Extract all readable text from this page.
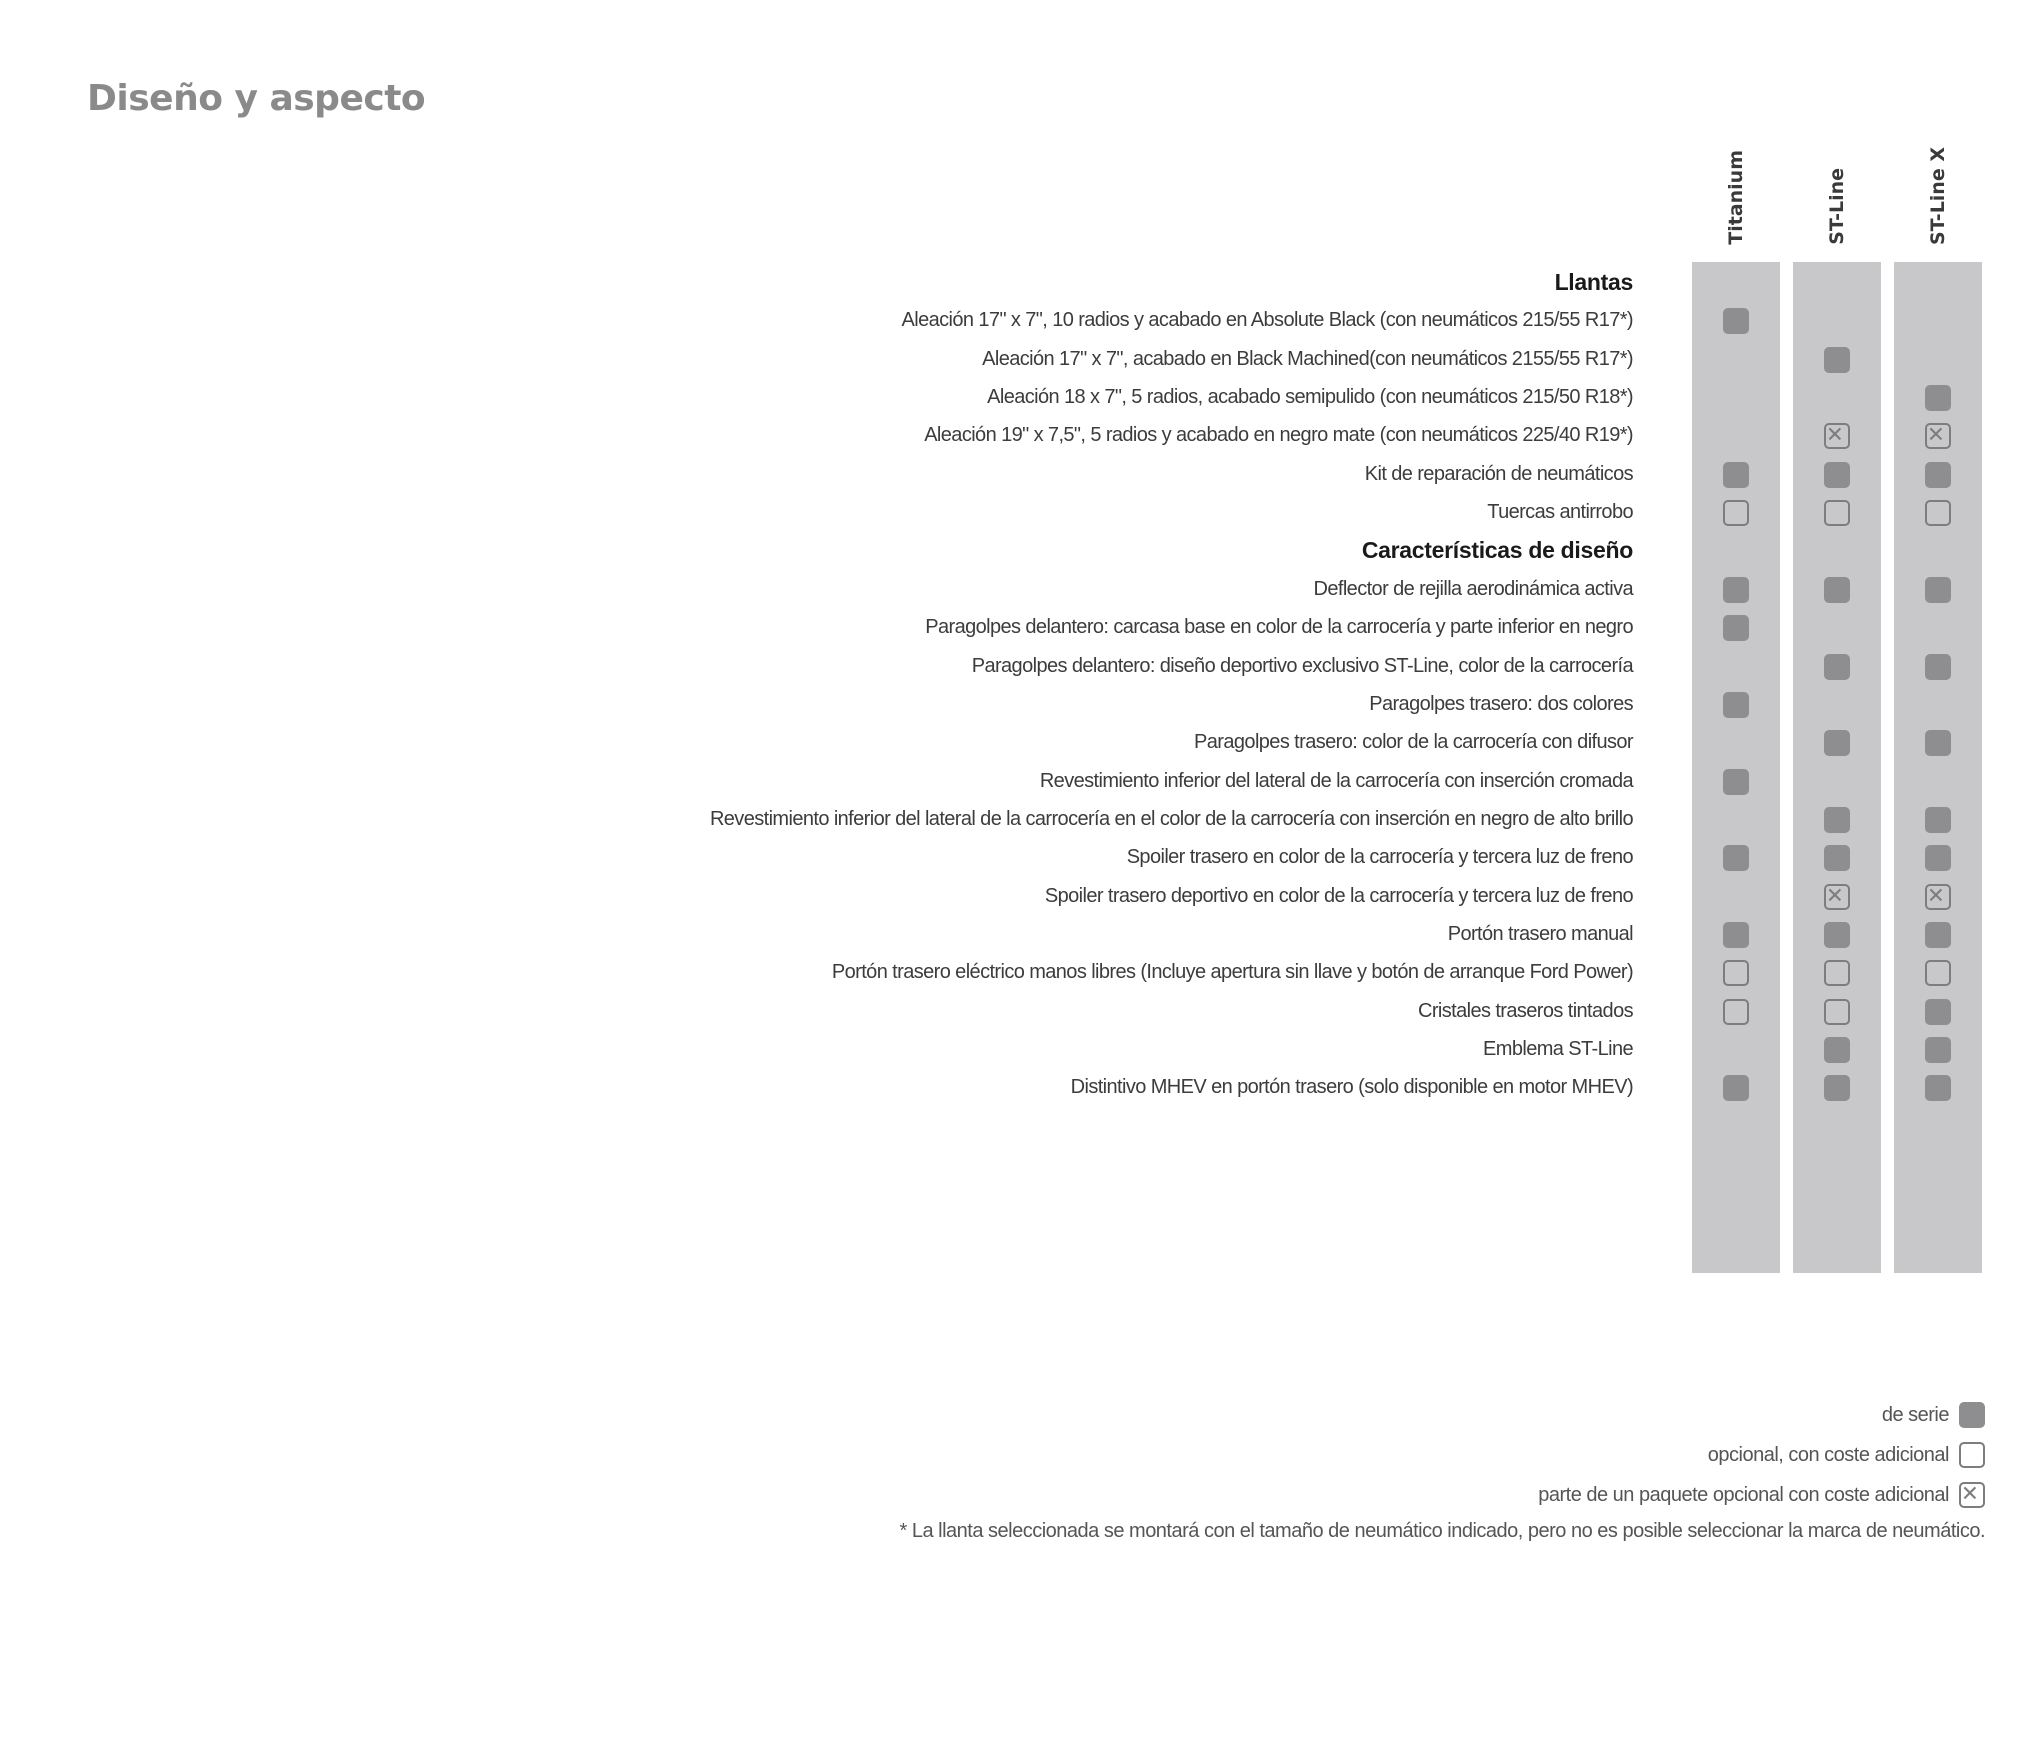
Diseño y aspecto
Titanium	ST-Line	ST-Line X
Llantas
Aleación 17" x 7", 10 radios y acabado en Absolute Black (con neumáticos 215/55 R17*)
Aleación 17" x 7", acabado en Black Machined(con neumáticos 2155/55 R17*)
Aleación 18 x 7", 5 radios, acabado semipulido (con neumáticos 215/50 R18*)
Aleación 19" x 7,5", 5 radios y acabado en negro mate (con neumáticos 225/40 R19*)
Kit de reparación de neumáticos
Tuercas antirrobo
Características de diseño
Deflector de rejilla aerodinámica activa
Paragolpes delantero: carcasa base en color de la carrocería y parte inferior en negro
Paragolpes delantero: diseño deportivo exclusivo ST-Line, color de la carrocería
Paragolpes trasero: dos colores
Paragolpes trasero: color de la carrocería con difusor
Revestimiento inferior del lateral de la carrocería con inserción cromada
Revestimiento inferior del lateral de la carrocería en el color de la carrocería con inserción en negro de alto brillo
Spoiler trasero en color de la carrocería y tercera luz de freno
Spoiler trasero deportivo en color de la carrocería y tercera luz de freno
Portón trasero manual
Portón trasero eléctrico manos libres (Incluye apertura sin llave y botón de arranque Ford Power)
Cristales traseros tintados
Emblema ST-Line
Distintivo MHEV en portón trasero (solo disponible en motor MHEV)
de serie
opcional, con coste adicional
parte de un paquete opcional con coste adicional
* La llanta seleccionada se montará con el tamaño de neumático indicado, pero no es posible seleccionar la marca de neumático.
